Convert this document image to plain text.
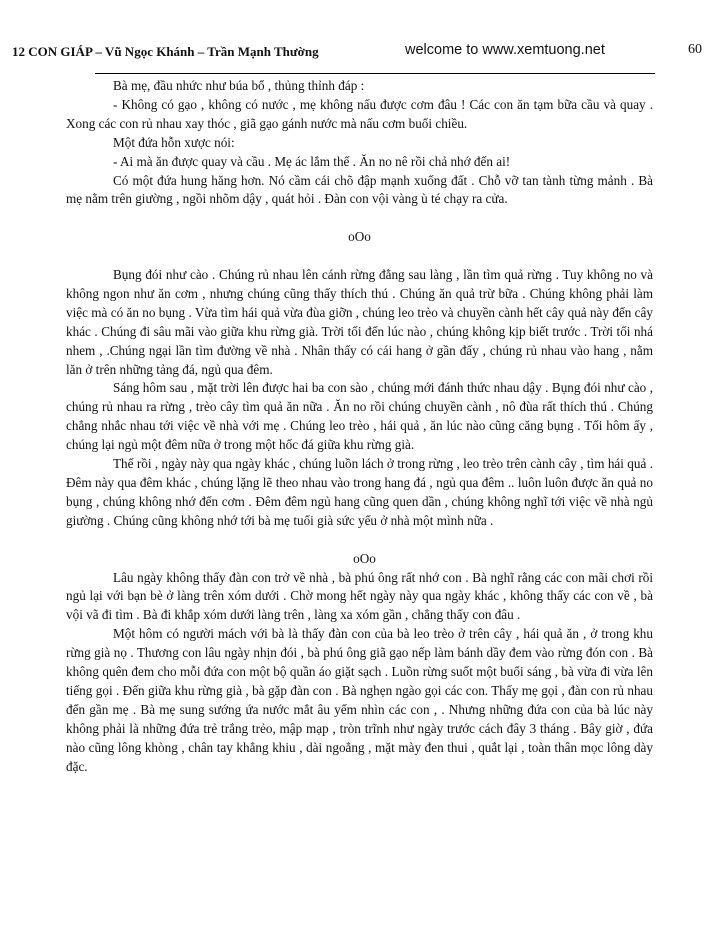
12 CON GIÁP – Vũ Ngọc Khánh – Trần Mạnh Thường	welcome to www.xemtuong.net	60

Bà mẹ, đầu nhức như búa bổ , thủng thỉnh đáp :

- Không có gạo , không có nước , mẹ không nấu được cơm đâu ! Các con ăn tạm bữa cầu và quay . Xong các con rủ nhau xay thóc , giã gạo gánh nước mà nấu cơm buổi chiều.

Một đứa hỗn xược nói:

- Ai mà ăn được quay và cầu . Mẹ ác lắm thế . Ăn no nê rồi chả nhớ đến ai!

Có một đứa hung hăng hơn. Nó cầm cái chõ đập mạnh xuống đất . Chỗ vỡ tan tành từng mảnh . Bà mẹ nằm trên giường , ngồi nhõm dậy , quát hỏi . Đàn con vội vàng ù té chạy ra cửa.

oOo

Bụng đói như cào . Chúng rủ nhau lên cánh rừng đằng sau làng , lần tìm quả rừng . Tuy không no và không ngon như ăn cơm , nhưng chúng cũng thấy thích thú . Chúng ăn quả trừ bữa . Chúng không phải làm việc mà có ăn no bụng . Vừa tìm hái quả vừa đùa giỡn , chúng leo trèo và chuyền cành hết cây quả này đến cây khác . Chúng đi sâu mãi vào giữa khu rừng già. Trời tối đến lúc nào , chúng không kịp biết trước . Trời tối nhá nhem , .Chúng ngại lần tìm đường về nhà . Nhân thấy có cái hang ở gần đấy , chúng rủ nhau vào hang , nằm lăn ở trên những tảng đá, ngủ qua đêm.

Sáng hôm sau , mặt trời lên được hai ba con sào , chúng mới đánh thức nhau dậy . Bụng đói như cào , chúng rủ nhau ra rừng , trèo cây tìm quả ăn nữa . Ăn no rồi chúng chuyền cành , nô đùa rất thích thú . Chúng chẳng nhắc nhau tới việc về nhà với mẹ . Chúng leo trèo , hái quả , ăn lúc nào cũng căng bụng . Tối hôm ấy , chúng lại ngủ một đêm nữa ở trong một hốc đá giữa khu rừng già.

Thế rồi , ngày này qua ngày khác , chúng luồn lách ở trong rừng , leo trèo trên cành cây , tìm hái quả . Đêm này qua đêm khác , chúng lặng lẽ theo nhau vào trong hang đá , ngủ qua đêm .. luôn luôn được ăn quả no bụng , chúng không nhớ đến cơm . Đêm đêm ngủ hang cũng quen dần , chúng không nghĩ tới việc về nhà ngủ giường . Chúng cũng không nhớ tới bà mẹ tuổi già sức yếu ở nhà một mình nữa .

oOo

Lâu ngày không thấy đàn con trở về nhà , bà phú ông rất nhớ con . Bà nghĩ rằng các con mãi chơi rồi ngủ lại với bạn bè ở làng trên xóm dưới . Chờ mong hết ngày này qua ngày khác , không thấy các con về , bà vội vã đi tìm . Bà đi khắp xóm dưới làng trên , làng xa xóm gần , chẳng thấy con đâu .

Một hôm có người mách với bà là thấy đàn con của bà leo trèo ở trên cây , hái quả ăn , ở trong khu rừng già nọ . Thương con lâu ngày nhịn đói , bà phú ông giã gạo nếp làm bánh dầy đem vào rừng đón con . Bà không quên đem cho mỗi đứa con một bộ quần áo giặt sạch . Luồn rừng suốt một buổi sáng , bà vừa đi vừa lên tiếng gọi . Đến giữa khu rừng già , bà gặp đàn con . Bà nghẹn ngào gọi các con. Thấy mẹ gọi , đàn con rủ nhau đến gần mẹ . Bà mẹ sung sướng ứa nước mắt âu yếm nhìn các con , . Nhưng những đứa con của bà lúc này không phải là những đứa trẻ trắng trẻo, mập mạp , tròn trĩnh như ngày trước cách đây 3 tháng . Bây giờ , đứa nào cũng lông khòng , chân tay khẳng khiu , dài ngoẳng , mặt mày đen thui , quắt lại , toàn thân mọc lông dày đặc.
